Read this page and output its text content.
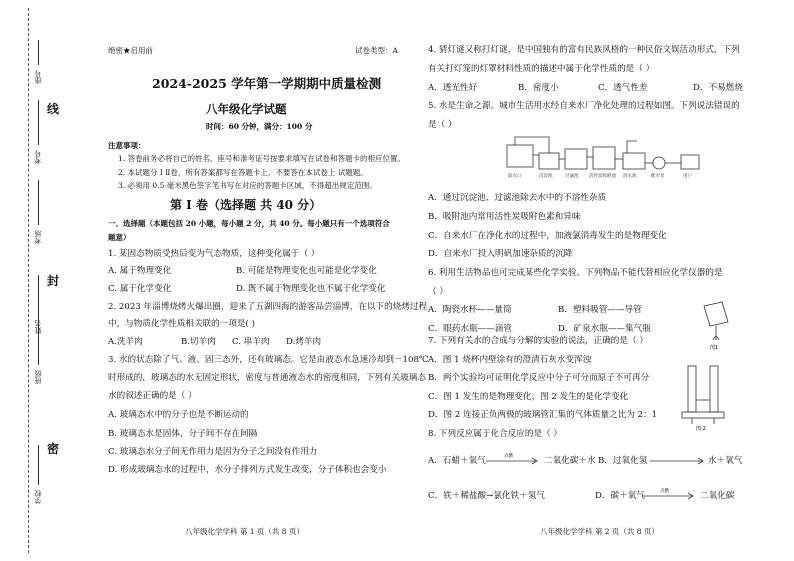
学校
班级
姓名
考场
考号
座号
密
封
线
绝密★启用前	试卷类型：A
2024-2025 学年第一学期期中质量检测
八年级化学试题
时间：60 分钟，满分：100 分
注意事项：
1. 答卷前务必将自己的姓名、座号和准考证号按要求填写在试卷和答题卡的相应位置。
2. 本试题分 I Ⅱ卷，所有答案都写在答题卡上，不要答在本试卷上 试题题。
3. 必须用 0.5 毫米黑色签字笔书写在对应的答题卡区域，不得超出规定范围。
第 I 卷（选择题 共 40 分）
一、选择题（本题包括 20 小题，每小题 2 分，共 40 分。每小题只有一个选项符合
题意）
1. 某固态物质受热后变为气态物质，这种变化属于（ ）
A. 属于物理变化	B. 可能是物理变化也可能是化学变化
C. 属于化学变化	D. 既不属于物理变化也不属于化学变化
2. 2023 年淄博烧烤火爆出圈，迎来了五湖四海的游客品尝淄博，在以下的烧烤过程
中，与物质化学性质相关联的一项是( )
A.洗羊肉	B.切羊肉 C. 串羊肉 D.烤羊肉
3. 水的状态除了气、液、固三态外，还有玻璃态。它是由液态水急速冷却到－108℃
时形成的，玻璃态的水无固定形状，密度与普通液态水的密度相同，下列有关玻璃态
水的叙述正确的是（ ）
A. 玻璃态水中的分子也是不断运动的
B. 玻璃态水是固体，分子间不存在间隔
C. 玻璃态水分子间无作用力是因为分子之间没有作用力
D. 形成玻璃态水的过程中，水分子排列方式发生改变，分子体积也会变小
八年级化学学科 第 1 页（共 8 页）
4. 猜灯谜又称打灯谜，是中国独有的富有民族风格的一种民俗文娱活动形式，下列
有关打灯笼的灯罩材料性质的描述中属于化学性质的是（ ）
A．透光性好	B．密度小	C．透气性差	D．不易燃烧
5. 水是生命之源。城市生活用水经自来水厂净化处理的过程如图。下列说法错误的
是（ ）
取水口	沉淀池	过滤池 活性炭吸附池 清水池	配水泵	用户
A．通过沉淀池、过滤池除去水中的不溶性杂质
B．吸附池内常用活性炭吸附色素和异味
C．自来水厂在净化水的过程中，加液氯消毒发生的是物理变化
D．自来水厂投入明矾加速杂质的沉降
6. 利用生活物品也可完成某些化学实验。下列物品不能代替相应化学仪器的是
（ ）
A．陶瓷水杯——量筒	B．塑料吸管——导管
C．眼药水瓶——滴管	D．矿泉水瓶——集气瓶
图1
7. 下列有关水的合成与分解的实验的说法，正确的是（ ）
图 2
A．图 1 烧杯内壁涂有的澄清石灰水变浑浊
B．两个实验均可证明化学反应中分子可分而原子不可再分
C．图 1 发生的是物理变化，图 2 发生的是化学变化
D．图 2 连接正负两极的玻璃管汇集的气体质量之比为 2：1
8. 下列反应属于化合反应的是（ ）
A．石蜡＋氧气	点燃	二氧化碳＋水 B．过氧化氢	水＋氧气
C．铁＋稀盐酸→氯化铁＋氢气	D．碳＋氧气	点燃	二氧化碳
八年级化学学科 第 2 页（共 8 页）
